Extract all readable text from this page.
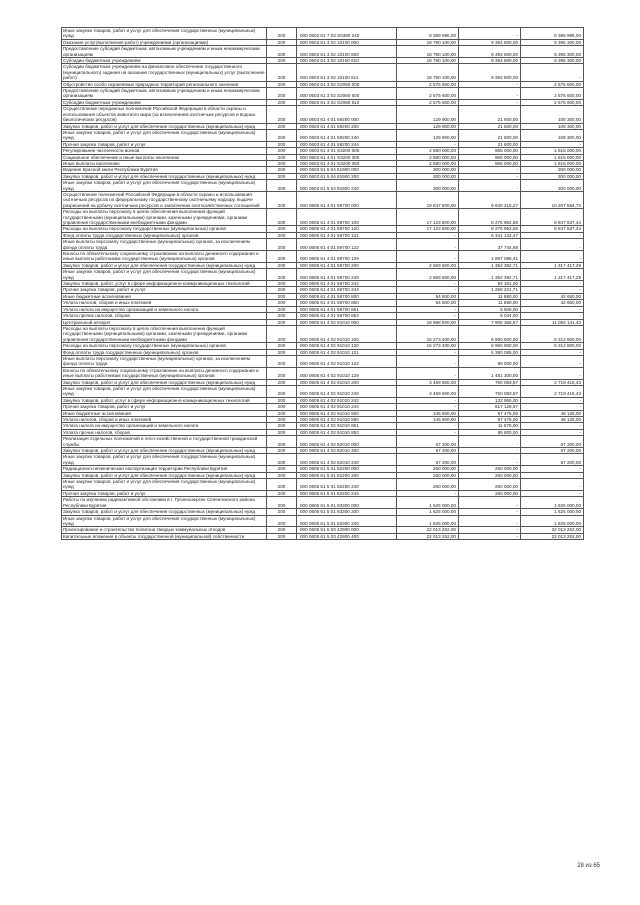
Иные закупки товаров, работ и услуг для обеспечения государственных (муниципальных) нужд	200	000 0502 61 7 03 S0380 240	8 389 995,00	-	8 389 995,00
Оказание услуг(выполнение работ) учреждениями (организациями)	200	000 0503 61 3 02 10100 000	18 790 100,00	9 394 800,00	9 395 300,00
Предоставление субсидий бюджетным, автономным учреждениям и иным некоммерческим организациям	200	000 0503 61 3 02 10100 600	18 790 100,00	9 394 800,00	9 395 300,00
Субсидии бюджетным учреждениям	200	000 0503 61 3 02 10100 610	18 790 100,00	9 394 800,00	9 395 300,00
Субсидии бюджетным учреждениям на финансовое обеспечение государственного (муниципального) задания на оказание государственных (муниципальных) услуг (выполнение работ)	200	000 0503 61 3 02 10100 611	18 790 100,00	9 394 800,00	-
Обустройство особо охраняемых природных территорий регионального значения	200	000 0503 61 3 02 S2060 000	2 575 600,00	-	2 575 600,00
Предоставление субсидий бюджетным, автономным учреждениям и иным некоммерческим организациям	200	000 0503 61 3 02 S2060 600	2 575 600,00	-	2 575 600,00
Субсидии бюджетным учреждениям	200	000 0503 61 3 02 S2060 610	2 575 600,00	-	2 575 600,00
Осуществление переданных полномочий Российской Федерации в области охраны и использования объектов животного мира (за исключением охотничьих ресурсов и водных биологических ресурсов)	200	000 0603 61 4 01 59200 000	129 900,00	21 600,00	108 300,00
Закупка товаров, работ и услуг для обеспечения государственных (муниципальных) нужд	200	000 0603 61 4 01 59200 200	129 900,00	21 600,00	108 300,00
Иные закупки товаров, работ и услуг для обеспечения государственных (муниципальных) нужд	200	000 0603 61 4 01 59200 240	129 900,00	21 600,00	108 300,00
Прочая закупка товаров, работ и услуг	200	000 0603 61 4 01 59200 244	-	21 600,00	-
Регулирование численности волков	200	000 0603 61 4 01 S3200 000	2 580 000,00	965 000,00	1 615 000,00
Социальное обеспечение и иные выплаты населению	200	000 0603 61 4 01 S3200 300	2 580 000,00	965 000,00	1 615 000,00
Иные выплаты населению	200	000 0603 61 4 01 S3200 360	2 580 000,00	965 000,00	1 615 000,00
Ведение Красной книги Республики Бурятия	200	000 0603 61 5 04 81900 000	300 000,00	-	300 000,00
Закупка товаров, работ и услуг для обеспечения государственных (муниципальных) нужд	200	000 0603 61 5 04 81900 200	300 000,00	-	300 000,00
Иные закупки товаров, работ и услуг для обеспечения государственных (муниципальных) нужд	200	000 0603 61 5 04 81900 240	300 000,00	-	300 000,00
Осуществление полномочий Российской Федерации в области охраны и использования охотничьих ресурсов по федеральному государственному охотничьему надзору, выдаче разрешений на добычу охотничьих ресурсов и заключению охотхозяйственных соглашений	200	000 0605 61 4 01 59700 000	19 847 800,00	9 640 215,27	10 207 584,73
Расходы на выплаты персоналу в целях обеспечения выполнения функций государственными (муниципальными) органами, казенными учреждениями, органами управления государственными внебюджетными фондами	200	000 0605 61 4 01 59700 100	17 123 800,00	8 275 962,56	8 847 837,44
Расходы на выплаты персоналу государственных (муниципальных) органов	200	000 0605 61 4 01 59700 120	17 123 800,00	8 275 962,56	8 847 837,44
Фонд оплаты труда государственных (муниципальных) органов	200	000 0605 61 4 01 59700 121	-	6 341 132,47	-
Иные выплаты персоналу государственных (муниципальных) органов, за исключением фонда оплаты труда	200	000 0605 61 4 01 59700 122	-	37 744,68	-
Взносы по обязательному социальному страхованию на выплаты денежного содержания и иные выплаты работникам государственных (муниципальных) органов	200	000 0605 61 4 01 59700 129	-	1 897 085,41	-
Закупка товаров, работ и услуг для обеспечения государственных (муниципальных) нужд	200	000 0605 61 4 01 59700 200	2 669 600,00	1 352 382,71	1 317 417,29
Иные закупки товаров, работ и услуг для обеспечения государственных (муниципальных) нужд	200	000 0605 61 4 01 59700 240	2 669 600,00	1 352 382,71	1 317 417,29
Закупка товаров, работ, услуг в сфере информационно-коммуникационных технологий	200	000 0605 61 4 01 59700 242	-	94 161,00	-
Прочая закупка товаров, работ и услуг	200	000 0605 61 4 01 59700 244	-	1 258 221,71	-
Иные бюджетные ассигнования	200	000 0605 61 4 01 59700 800	54 500,00	11 880,00	42 650,00
Уплата налогов, сборов и иных платежей	200	000 0605 61 4 01 59700 850	54 500,00	11 880,00	42 650,00
Уплата налога на имущество организаций и земельного налога	200	000 0605 61 4 01 59700 851	-	5 506,00	-
Уплата прочих налогов, сборов	200	000 0605 61 4 01 59700 852	-	6 044,00	-
Центральный аппарат	200	000 0605 61 4 02 91010 000	18 988 500,00	7 906 358,57	11 082 141,43
Расходы на выплаты персоналу в целях обеспечения выполнения функций государственными (муниципальными) органами, казенными учреждениями, органами управления государственными внебюджетными фондами	200	000 0605 61 4 02 91010 100	15 273 400,00	6 960 600,00	8 312 800,00
Расходы на выплаты персоналу государственных (муниципальных) органов	200	000 0605 61 4 02 91010 120	15 273 400,00	6 960 600,00	8 312 800,00
Фонд оплаты труда государственных (муниципальных) органов	200	000 0605 61 4 02 91010 121	-	5 380 085,00	-
Иные выплаты персоналу государственных (муниципальных) органов, за исключением фонда оплаты труда	200	000 0605 61 4 02 91010 122	-	99 000,00	-
Взносы по обязательному социальному страхованию на выплаты денежного содержания и иные выплаты работникам государственных (муниципальных) органов	200	000 0605 61 4 02 91010 129	-	1 481 300,00	-
Закупка товаров, работ и услуг для обеспечения государственных (муниципальных) нужд	200	000 0605 61 4 02 91010 200	3 469 500,00	750 083,57	2 719 416,43
Иные закупки товаров, работ и услуг для обеспечения государственных (муниципальных) нужд	200	000 0605 61 4 02 91010 240	3 469 500,00	750 083,57	2 719 416,43
Закупка товаров, работ, услуг в сфере информационно-коммуникационных технологий	200	000 0605 61 4 02 91010 242	-	132 955,00	-
Прочая закупка товаров, работ и услуг	200	000 0605 61 4 02 91010 244	-	617 128,57	-
Иные бюджетные ассигнования	200	000 0605 61 4 02 91010 800	145 600,00	97 475,00	48 125,00
Уплата налогов, сборов и иных платежей	200	000 0605 61 4 02 91010 850	145 600,00	97 475,00	48 125,00
Уплата налога на имущество организаций и земельного налога	200	000 0605 61 4 02 91010 851	-	11 675,00	-
Уплата прочих налогов, сборов	200	000 0605 61 4 02 91010 852	-	85 800,00	-
Реализация отдельных полномочий в лесо-хозяйственной и государственной гражданской службы	200	000 0605 61 4 02 82010 000	67 200,00	-	67 200,00
Закупка товаров, работ и услуг для обеспечения государственных (муниципальных) нужд	200	000 0605 61 4 02 82010 200	67 200,00	-	67 200,00
Иные закупки товаров, работ и услуг для обеспечения государственных (муниципальных) нужд	200	000 0605 61 4 02 82010 240	67 200,00	-	67 200,00
Радиационно-гигиеническая паспортизация территории Республики Бурятия	200	000 0605 61 5 01 82200 000	260 000,00	260 000,00	-
Закупка товаров, работ и услуг для обеспечения государственных (муниципальных) нужд	200	000 0605 61 5 01 82200 200	260 000,00	260 000,00	-
Иные закупки товаров, работ и услуг для обеспечения государственных (муниципальных) нужд	200	000 0605 61 5 01 82200 240	260 000,00	260 000,00	-
Прочая закупка товаров, работ и услуг	200	000 0605 61 5 01 82200 244	-	260 000,00	-
Работы по изучению радиоактивной обстановки в г. Гусиноозерске Селенгинского района Республики Бурятия	200	000 0605 61 5 01 83300 000	1 625 000,00	-	1 625 000,00
Закупка товаров, работ и услуг для обеспечения государственных (муниципальных) нужд	200	000 0605 61 5 01 83300 200	1 625 000,00	-	1 625 000,00
Иные закупки товаров, работ и услуг для обеспечения государственных (муниципальных) нужд	200	000 0605 61 5 01 83300 240	1 625 000,00	-	1 625 000,00
Проектирование и строительство полигона твердых коммунальных отходов	200	000 0605 61 5 03 42900 000	22 013 252,00	-	22 013 252,00
Капитальные вложения в объекты государственной (муниципальной) собственности	200	000 0605 61 5 03 42900 400	22 013 252,00	-	22 013 252,00
28 из 65
